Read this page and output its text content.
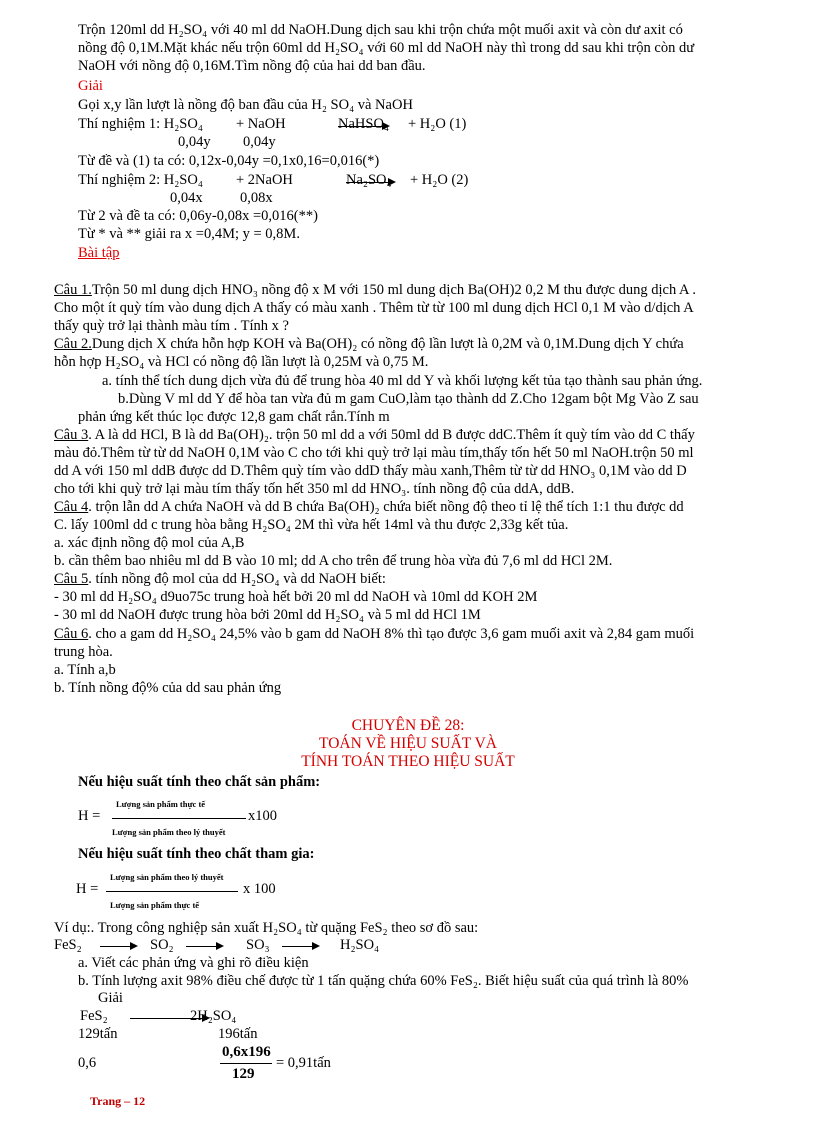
Trộn 120ml dd H₂SO₄ với 40 ml dd NaOH.Dung dịch sau khi trộn chứa một muối axit và còn dư axit có
nồng độ 0,1M.Mặt khác nếu trộn 60ml dd H₂SO₄ với 60 ml dd NaOH này thì trong dd sau khi trộn còn dư
NaOH với nồng độ 0,16M.Tìm nồng độ của hai dd ban đầu.
Giải
Gọi x,y lần lượt là nồng độ ban đầu của H₂ SO₄ và NaOH
Thí nghiệm 1: H₂SO₄ + NaOH	NaHSO₄ + H₂O (1)
0,04y 0,04y
Từ đề và (1) ta có: 0,12x-0,04y =0,1x0,16=0,016(*)
Thí nghiệm 2: H₂SO₄ + 2NaOH	Na₂SO₄ + H₂O (2)
0,04x	0,08x
Từ 2 và đề ta có: 0,06y-0,08x =0,016(**)
Từ * và ** giải ra x =0,4M; y = 0,8M.
Bài tập
Câu 1.Trộn 50 ml dung dịch HNO₃ nồng độ x M với 150 ml dung dịch Ba(OH)2 0,2 M thu được dung dịch A .
Cho một ít quỳ tím vào dung dịch A thấy có màu xanh . Thêm từ từ 100 ml dung dịch HCl 0,1 M vào d/dịch A
thấy quỳ trở lại thành màu tím . Tính x ?
Câu 2.Dung dịch X chứa hỗn hợp KOH và Ba(OH)₂ có nồng độ lần lượt là 0,2M và 0,1M.Dung dịch Y chứa
hỗn hợp H₂SO₄ và HCl có nồng độ lần lượt là 0,25M và 0,75 M.
a. tính thể tích dung dịch vừa đủ để trung hòa 40 ml dd Y và khối lượng kết tủa tạo thành sau phản ứng.
b.Dùng V ml dd Y để hòa tan vừa đủ m gam CuO,làm tạo thành dd Z.Cho 12gam bột Mg Vào Z sau
phản ứng kết thúc lọc được 12,8 gam chất rắn.Tính m
Câu 3. A là dd HCl, B là dd Ba(OH)₂. trộn 50 ml dd a với 50ml dd B được ddC.Thêm ít quỳ tím vào dd C thấy
màu đỏ.Thêm từ từ dd NaOH 0,1M vào C cho tới khi quỳ trở lại màu tím,thấy tốn hết 50 ml NaOH.trộn 50 ml
dd A với 150 ml ddB được dd D.Thêm quỳ tím vào ddD thấy màu xanh,Thêm từ từ dd HNO₃ 0,1M vào dd D
cho tới khi quỳ trở lại màu tím thấy tốn hết 350 ml dd HNO₃. tính nồng độ của ddA, ddB.
Câu 4. trộn lẫn dd A chứa NaOH và dd B chứa Ba(OH)₂ chứa biết nồng độ theo tỉ lệ thể tích 1:1 thu được dd
C. lấy 100ml dd c trung hòa bằng H₂SO₄ 2M thì vừa hết 14ml và thu được 2,33g kết tủa.
a. xác định nồng độ mol của A,B
b. cần thêm bao nhiêu ml dd B vào 10 ml; dd A cho trên để trung hòa vừa đủ 7,6 ml dd HCl 2M.
Câu 5. tính nồng độ mol của dd H₂SO₄ và dd NaOH biết:
- 30 ml dd H₂SO₄ d9uo75c trung hoà hết bởi 20 ml dd NaOH và 10ml dd KOH 2M
- 30 ml dd NaOH được trung hòa bởi 20ml dd H₂SO₄ và 5 ml dd HCl 1M
Câu 6. cho a gam dd H₂SO₄ 24,5% vào b gam dd NaOH 8% thì tạo được 3,6 gam muối axit và 2,84 gam muối
trung hòa.
a. Tính a,b
b. Tính nồng độ% của dd sau phản ứng
CHUYÊN ĐỀ 28:
TOÁN VỀ HIỆU SUẤT VÀ
TÍNH TOÁN THEO HIỆU SUẤT
Nếu hiệu suất tính theo chất sản phẩm:
Lượng sản phẩm thực tế
H =	x100
Lượng sản phẩm theo lý thuyết
Nếu hiệu suất tính theo chất tham gia:
Lượng sản phẩm theo lý thuyết
H =	x 100
Lượng sản phẩm thực tế
Ví dụ:. Trong công nghiệp sản xuất H₂SO₄ từ quặng FeS₂ theo sơ đồ sau:
FeS₂	SO₂	SO₃	H₂SO₄
a. Viết các phản ứng và ghi rõ điều kiện
b. Tính lượng axit 98% điều chế được từ 1 tấn quặng chứa 60% FeS₂. Biết hiệu suất của quá trình là 80%
Giải
FeS₂	2H₂SO₄
129tấn	196tấn
0,6
0,6x196
129
= 0,91tấn
Trang – 12
